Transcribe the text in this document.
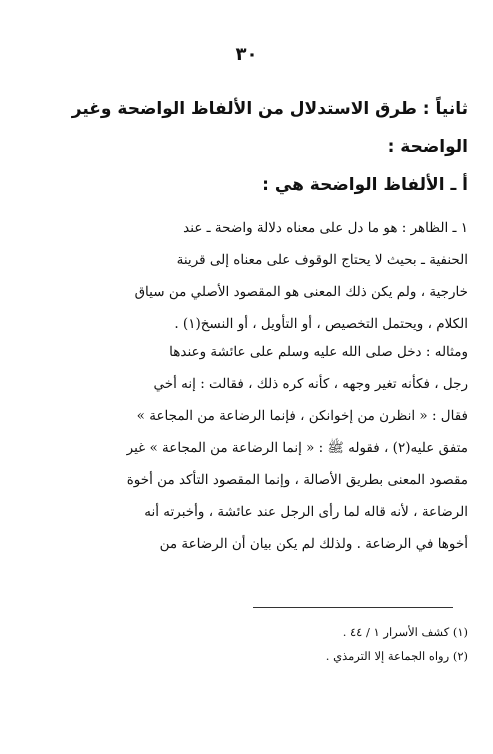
٣٠
ثانياً : طرق الاستدلال من الألفاظ الواضحة وغير الواضحة :
أ ـ الألفاظ الواضحة هي :
١ ـ الظاهر : هو ما دل على معناه دلالة واضحة ـ عند
الحنفية ـ بحيث لا يحتاج الوقوف على معناه إلى قرينة
خارجية ، ولم يكن ذلك المعنى هو المقصود الأصلي من سياق
الكلام ، ويحتمل التخصيص ، أو التأويل ، أو النسخ(١) .
ومثاله : دخل صلى الله عليه وسلم على عائشة وعندها
رجل ، فكأنه تغير وجهه ، كأنه كره ذلك ، فقالت : إنه أخي
فقال : « انظرن من إخوانكن ، فإنما الرضاعة من المجاعة »
متفق عليه(٢) ، فقوله ﷺ : « إنما الرضاعة من المجاعة » غير
مقصود المعنى بطريق الأصالة ، وإنما المقصود التأكد من أخوة
الرضاعة ، لأنه قاله لما رأى الرجل عند عائشة ، وأخبرته أنه
أخوها في الرضاعة . ولذلك لم يكن بيان أن الرضاعة من
(١) كشف الأسرار ١ / ٤٤ .
(٢) رواه الجماعة إلا الترمذي .
